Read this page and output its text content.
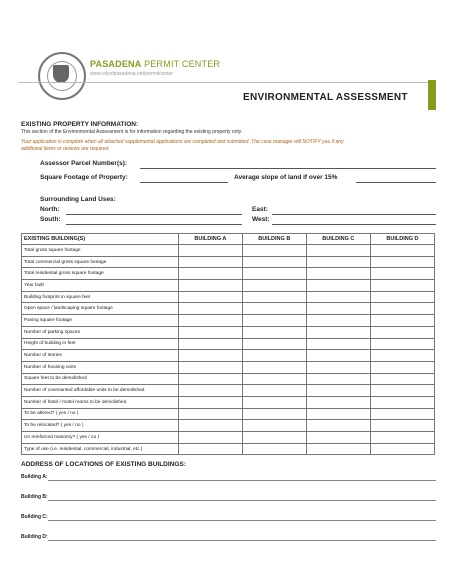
PASADENA PERMIT CENTER
www.cityofpasadena.net/permitcenter
ENVIRONMENTAL ASSESSMENT
EXISTING PROPERTY INFORMATION:
This section of the Environmental Assessment is for information regarding the existing property only.
Your application is complete when all attached supplemental applications are completed and submitted. The case manager will NOTIFY you if any
additional items or reviews are required.
Assessor Parcel Number(s):
Square Footage of Property:	Average slope of land if over 15%
Surrounding Land Uses:
North:	East:
South:	West:
EXISTING BUILDING(S)	BUILDING A	BUILDING B	BUILDING C	BUILDING D
Total gross square footage				
Total commercial gross square footage				
Total residential gross square footage				
Year built				
Building footprint in square feet				
Open space / landscaping square footage				
Paving square footage				
Number of parking spaces				
Height of building in feet				
Number of stories				
Number of housing units				
Square feet to be demolished				
Number of covenanted affordable units to be demolished				
Number of hotel / motel rooms to be demolished				
To be altered? ( yes / no )				
To be relocated? ( yes / no )				
Un reinforced masonry? ( yes / no )				
Type of use (i.e. residential, commercial, industrial, etc.)				
ADDRESS OF LOCATIONS OF EXISTING BUILDINGS:
Building A:
Building B:
Building C:
Building D:
